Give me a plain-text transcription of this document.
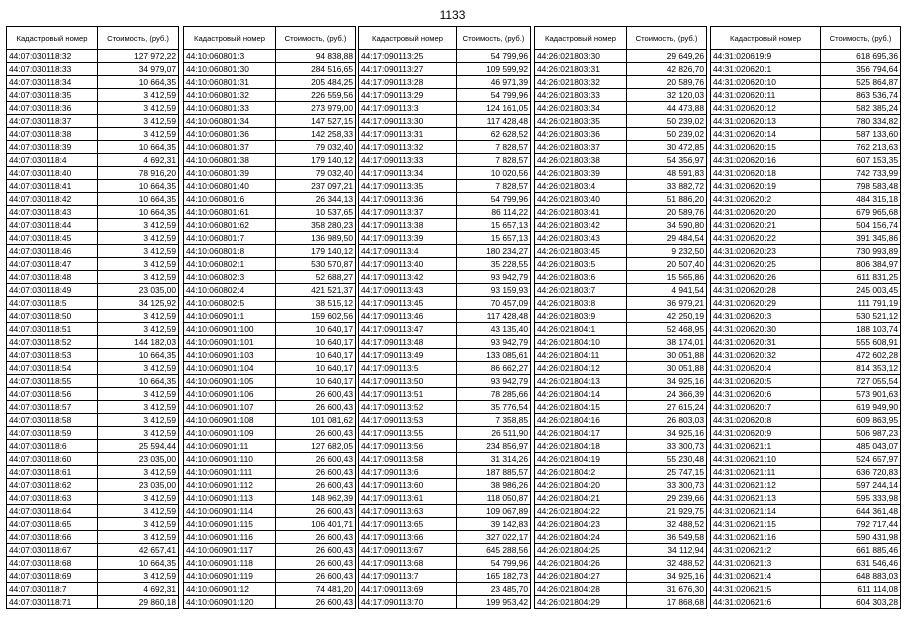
1133
Кадастровый номер	Стоимость, (руб.)
44:07:030118:32	127 972,22
44:07:030118:33	34 979,07
44:07:030118:34	10 664,35
44:07:030118:35	3 412,59
44:07:030118:36	3 412,59
44:07:030118:37	3 412,59
44:07:030118:38	3 412,59
44:07:030118:39	10 664,35
44:07:030118:4	4 692,31
44:07:030118:40	78 916,20
44:07:030118:41	10 664,35
44:07:030118:42	10 664,35
44:07:030118:43	10 664,35
44:07:030118:44	3 412,59
44:07:030118:45	3 412,59
44:07:030118:46	3 412,59
44:07:030118:47	3 412,59
44:07:030118:48	3 412,59
44:07:030118:49	23 035,00
44:07:030118:5	34 125,92
44:07:030118:50	3 412,59
44:07:030118:51	3 412,59
44:07:030118:52	144 182,03
44:07:030118:53	10 664,35
44:07:030118:54	3 412,59
44:07:030118:55	10 664,35
44:07:030118:56	3 412,59
44:07:030118:57	3 412,59
44:07:030118:58	3 412,59
44:07:030118:59	3 412,59
44:07:030118:6	25 594,44
44:07:030118:60	23 035,00
44:07:030118:61	3 412,59
44:07:030118:62	23 035,00
44:07:030118:63	3 412,59
44:07:030118:64	3 412,59
44:07:030118:65	3 412,59
44:07:030118:66	3 412,59
44:07:030118:67	42 657,41
44:07:030118:68	10 664,35
44:07:030118:69	3 412,59
44:07:030118:7	4 692,31
44:07:030118:71	29 860,18
Кадастровый номер	Стоимость, (руб.)
44:10:060801:3	94 838,88
44:10:060801:30	284 516,65
44:10:060801:31	205 484,25
44:10:060801:32	226 559,56
44:10:060801:33	273 979,00
44:10:060801:34	147 527,15
44:10:060801:36	142 258,33
44:10:060801:37	79 032,40
44:10:060801:38	179 140,12
44:10:060801:39	79 032,40
44:10:060801:40	237 097,21
44:10:060801:6	26 344,13
44:10:060801:61	10 537,65
44:10:060801:62	358 280,23
44:10:060801:7	136 989,50
44:10:060801:8	179 140,12
44:10:060802:1	530 570,87
44:10:060802:3	52 688,27
44:10:060802:4	421 521,37
44:10:060802:5	38 515,12
44:10:060901:1	159 602,56
44:10:060901:100	10 640,17
44:10:060901:101	10 640,17
44:10:060901:103	10 640,17
44:10:060901:104	10 640,17
44:10:060901:105	10 640,17
44:10:060901:106	26 600,43
44:10:060901:107	26 600,43
44:10:060901:108	101 081,62
44:10:060901:109	26 600,43
44:10:060901:11	127 682,05
44:10:060901:110	26 600,43
44:10:060901:111	26 600,43
44:10:060901:112	26 600,43
44:10:060901:113	148 962,39
44:10:060901:114	26 600,43
44:10:060901:115	106 401,71
44:10:060901:116	26 600,43
44:10:060901:117	26 600,43
44:10:060901:118	26 600,43
44:10:060901:119	26 600,43
44:10:060901:12	74 481,20
44:10:060901:120	26 600,43
Кадастровый номер	Стоимость, (руб.)
44:17:090113:25	54 799,96
44:17:090113:27	109 599,92
44:17:090113:28	46 971,39
44:17:090113:29	54 799,96
44:17:090113:3	124 161,05
44:17:090113:30	117 428,48
44:17:090113:31	62 628,52
44:17:090113:32	7 828,57
44:17:090113:33	7 828,57
44:17:090113:34	10 020,56
44:17:090113:35	7 828,57
44:17:090113:36	54 799,96
44:17:090113:37	86 114,22
44:17:090113:38	15 657,13
44:17:090113:39	15 657,13
44:17:090113:4	180 234,27
44:17:090113:40	35 228,55
44:17:090113:42	93 942,79
44:17:090113:43	93 159,93
44:17:090113:45	70 457,09
44:17:090113:46	117 428,48
44:17:090113:47	43 135,40
44:17:090113:48	93 942,79
44:17:090113:49	133 085,61
44:17:090113:5	86 662,27
44:17:090113:50	93 942,79
44:17:090113:51	78 285,66
44:17:090113:52	35 776,54
44:17:090113:53	7 358,85
44:17:090113:55	26 511,90
44:17:090113:56	234 856,97
44:17:090113:58	31 314,26
44:17:090113:6	187 885,57
44:17:090113:60	38 986,26
44:17:090113:61	118 050,87
44:17:090113:63	109 067,89
44:17:090113:65	39 142,83
44:17:090113:66	327 022,17
44:17:090113:67	645 288,56
44:17:090113:68	54 799,96
44:17:090113:7	165 182,73
44:17:090113:69	23 485,70
44:17:090113:70	199 953,42
Кадастровый номер	Стоимость, (руб.)
44:26:021803:30	29 649,26
44:26:021803:31	42 826,70
44:26:021803:32	20 589,76
44:26:021803:33	32 120,03
44:26:021803:34	44 473,88
44:26:021803:35	50 239,02
44:26:021803:36	50 239,02
44:26:021803:37	30 472,85
44:26:021803:38	54 356,97
44:26:021803:39	48 591,83
44:26:021803:4	33 882,72
44:26:021803:40	51 886,20
44:26:021803:41	20 589,76
44:26:021803:42	34 590,80
44:26:021803:43	29 484,54
44:26:021803:45	9 232,50
44:26:021803:5	20 507,40
44:26:021803:6	15 565,86
44:26:021803:7	4 941,54
44:26:021803:8	36 979,21
44:26:021803:9	42 250,19
44:26:021804:1	52 468,95
44:26:021804:10	38 174,01
44:26:021804:11	30 051,88
44:26:021804:12	30 051,88
44:26:021804:13	34 925,16
44:26:021804:14	24 366,39
44:26:021804:15	27 615,24
44:26:021804:16	26 803,03
44:26:021804:17	34 925,16
44:26:021804:18	33 300,73
44:26:021804:19	55 230,48
44:26:021804:2	25 747,15
44:26:021804:20	33 300,73
44:26:021804:21	29 239,66
44:26:021804:22	21 929,75
44:26:021804:23	32 488,52
44:26:021804:24	36 549,58
44:26:021804:25	34 112,94
44:26:021804:26	32 488,52
44:26:021804:27	34 925,16
44:26:021804:28	31 676,30
44:26:021804:29	17 868,68
Кадастровый номер	Стоимость, (руб.)
44:31:020619:9	618 695,36
44:31:020620:1	356 794,64
44:31:020620:10	525 864,87
44:31:020620:11	863 536,74
44:31:020620:12	582 385,24
44:31:020620:13	780 334,82
44:31:020620:14	587 133,60
44:31:020620:15	762 213,63
44:31:020620:16	607 153,35
44:31:020620:18	742 733,99
44:31:020620:19	798 583,48
44:31:020620:2	484 315,18
44:31:020620:20	679 965,68
44:31:020620:21	504 156,74
44:31:020620:22	391 345,86
44:31:020620:23	730 993,89
44:31:020620:25	806 384,97
44:31:020620:26	611 831,25
44:31:020620:28	245 003,45
44:31:020620:29	111 791,19
44:31:020620:3	530 521,12
44:31:020620:30	188 103,74
44:31:020620:31	555 608,91
44:31:020620:32	472 602,28
44:31:020620:4	814 353,12
44:31:020620:5	727 055,54
44:31:020620:6	573 901,63
44:31:020620:7	619 949,90
44:31:020620:8	609 863,95
44:31:020620:9	506 987,23
44:31:020621:1	485 043,07
44:31:020621:10	524 657,97
44:31:020621:11	636 720,83
44:31:020621:12	597 244,14
44:31:020621:13	595 333,98
44:31:020621:14	644 361,48
44:31:020621:15	792 717,44
44:31:020621:16	590 431,98
44:31:020621:2	661 885,46
44:31:020621:3	631 546,46
44:31:020621:4	648 883,03
44:31:020621:5	611 114,08
44:31:020621:6	604 303,28
